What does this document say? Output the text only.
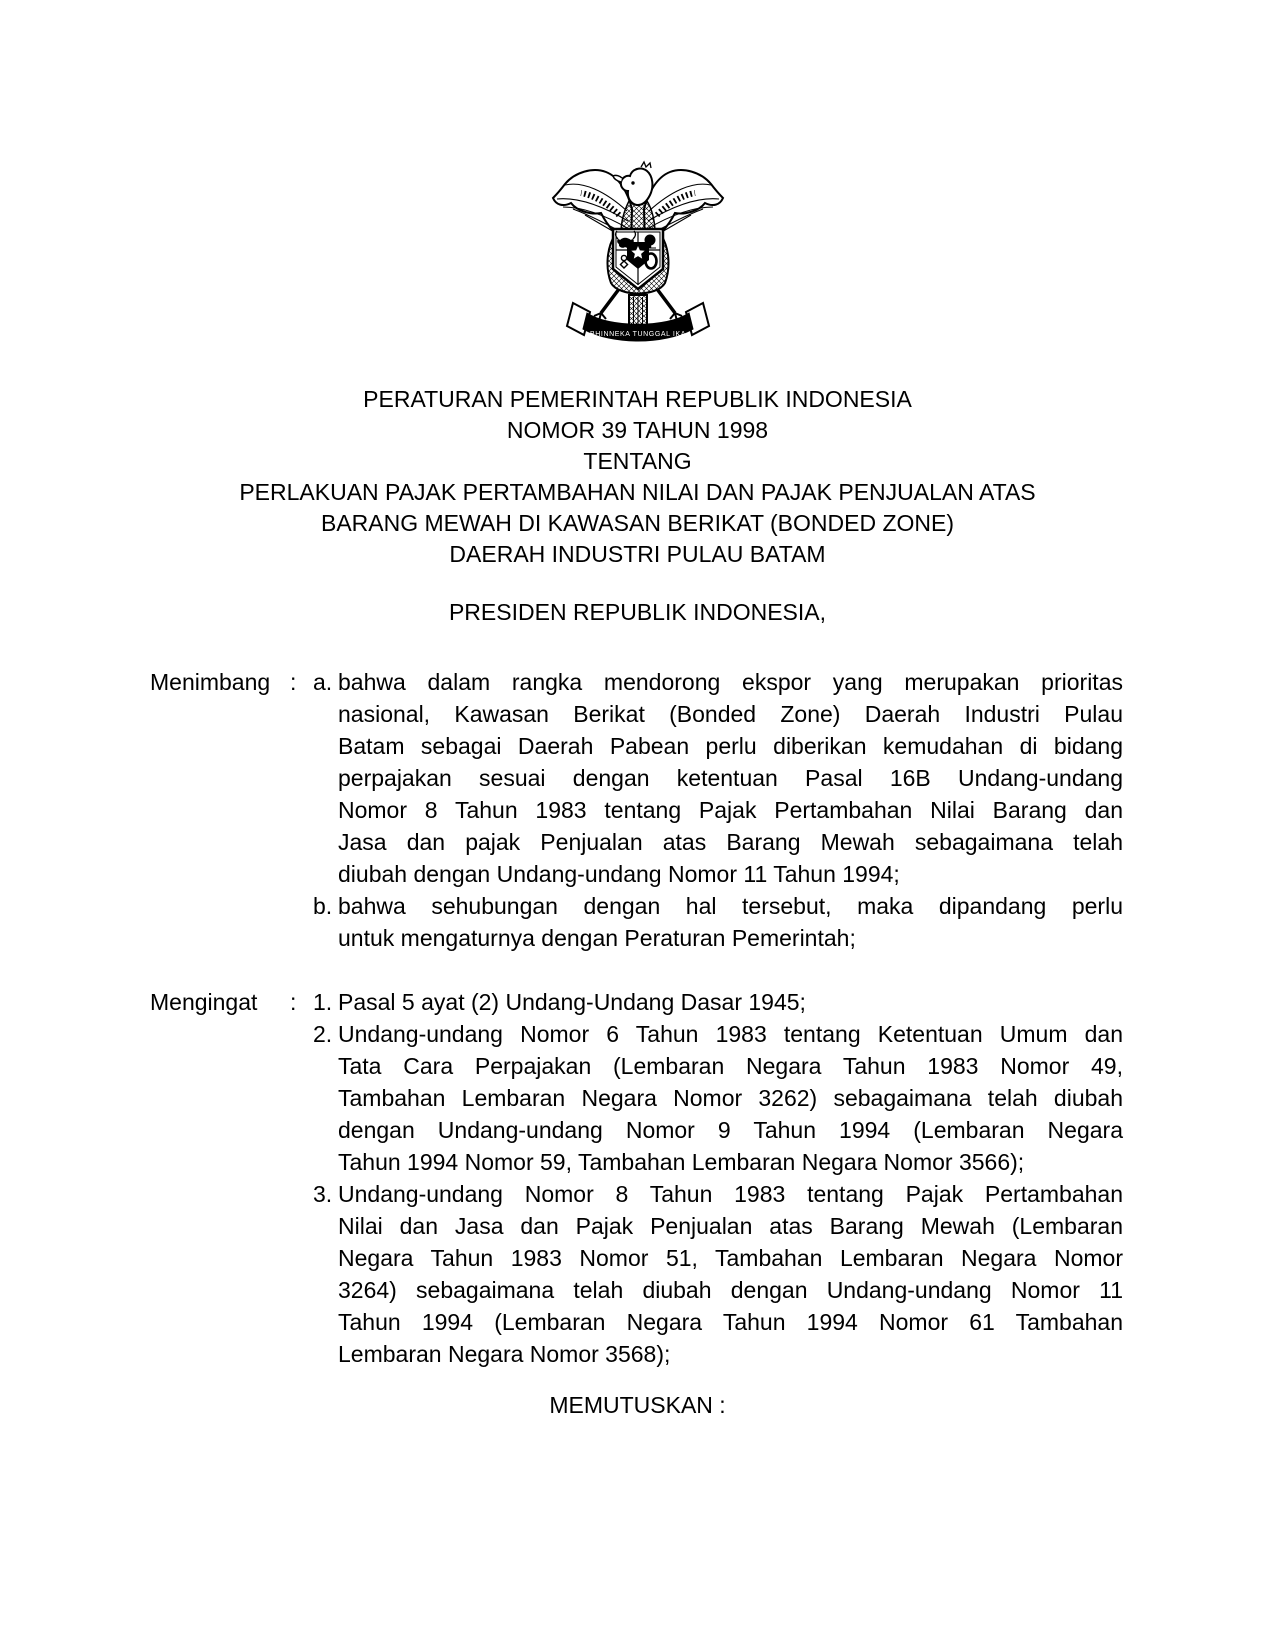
BHINNEKA TUNGGAL IKA
PERATURAN PEMERINTAH REPUBLIK INDONESIA
NOMOR 39 TAHUN 1998
TENTANG
PERLAKUAN PAJAK PERTAMBAHAN NILAI DAN PAJAK PENJUALAN ATAS
BARANG MEWAH DI KAWASAN BERIKAT (BONDED ZONE)
DAERAH INDUSTRI PULAU BATAM
PRESIDEN REPUBLIK INDONESIA,
Menimbang : a. bahwa dalam rangka mendorong ekspor yang merupakan prioritas
nasional, Kawasan Berikat (Bonded Zone) Daerah Industri Pulau
Batam sebagai Daerah Pabean perlu diberikan kemudahan di bidang
perpajakan sesuai dengan ketentuan Pasal 16B Undang-undang
Nomor 8 Tahun 1983 tentang Pajak Pertambahan Nilai Barang dan
Jasa dan pajak Penjualan atas Barang Mewah sebagaimana telah
diubah dengan Undang-undang Nomor 11 Tahun 1994;
b. bahwa sehubungan dengan hal tersebut, maka dipandang perlu
untuk mengaturnya dengan Peraturan Pemerintah;
Mengingat : 1. Pasal 5 ayat (2) Undang-Undang Dasar 1945;
2. Undang-undang Nomor 6 Tahun 1983 tentang Ketentuan Umum dan
Tata Cara Perpajakan (Lembaran Negara Tahun 1983 Nomor 49,
Tambahan Lembaran Negara Nomor 3262) sebagaimana telah diubah
dengan Undang-undang Nomor 9 Tahun 1994 (Lembaran Negara
Tahun 1994 Nomor 59, Tambahan Lembaran Negara Nomor 3566);
3. Undang-undang Nomor 8 Tahun 1983 tentang Pajak Pertambahan
Nilai dan Jasa dan Pajak Penjualan atas Barang Mewah (Lembaran
Negara Tahun 1983 Nomor 51, Tambahan Lembaran Negara Nomor
3264) sebagaimana telah diubah dengan Undang-undang Nomor 11
Tahun 1994 (Lembaran Negara Tahun 1994 Nomor 61 Tambahan
Lembaran Negara Nomor 3568);
MEMUTUSKAN :
